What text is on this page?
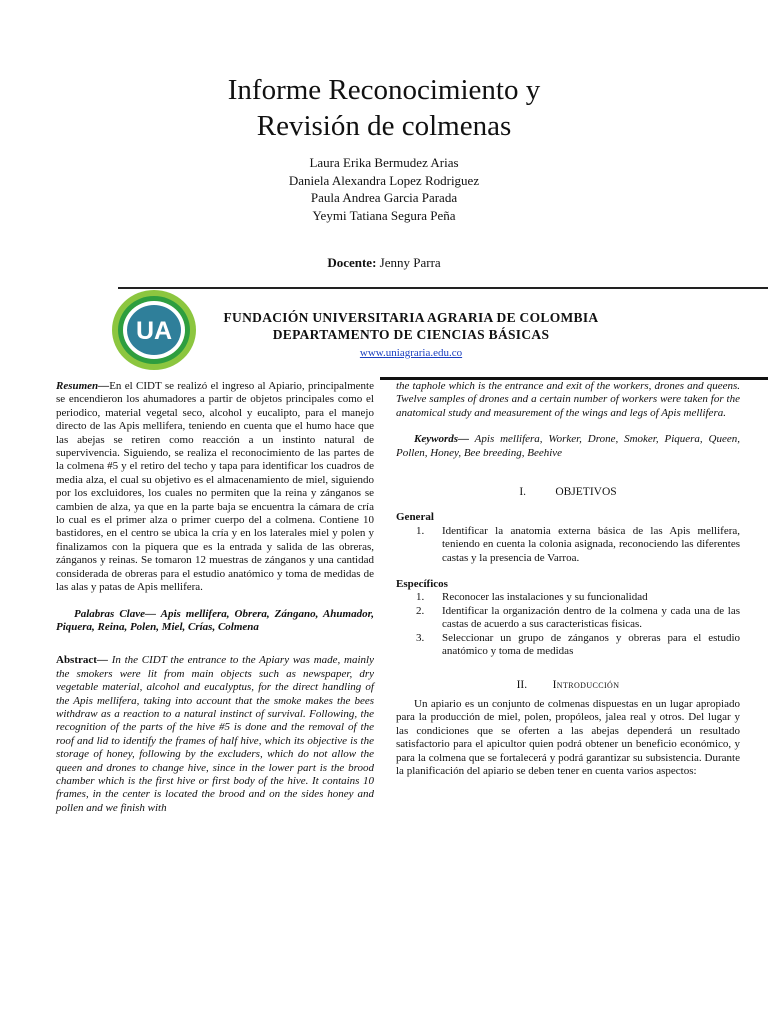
Informe Reconocimiento y
Revisión de colmenas
Laura Erika Bermudez Arias
Daniela Alexandra Lopez Rodriguez
Paula Andrea Garcia Parada
Yeymi Tatiana Segura Peña
Docente: Jenny Parra
UA	FUNDACIÓN UNIVERSITARIA AGRARIA DE COLOMBIA
DEPARTAMENTO DE CIENCIAS BÁSICAS
www.uniagraria.edu.co

Resumen—En el CIDT se realizó el ingreso al Apiario, principalmente se encendieron los ahumadores a partir de objetos principales como el periodico, material vegetal seco, alcohol y eucalipto, para el manejo directo de las Apis mellifera, teniendo en cuenta que el humo hace que las abejas se retiren como reacción a un instinto natural de supervivencia. Siguiendo, se realiza el reconocimiento de las partes de la colmena #5 y el retiro del techo y tapa para identificar los cuadros de media alza, el cual su objetivo es el almacenamiento de miel, siguiendo por los excluidores, los cuales no permiten que la reina y zánganos se cambien de alza, ya que en la parte baja se encuentra la cámara de cría lo cual es el primer alza o primer cuerpo del a colmena. Contiene 10 bastidores, en el centro se ubica la cría y en los laterales miel y polen y finalizamos con la piquera que es la entrada y salida de las obreras, zánganos y reinas. Se tomaron 12 muestras de zánganos y una cantidad considerada de obreras para el estudio anatómico y toma de medidas de las alas y patas de Apis mellifera.

Palabras Clave— Apis mellifera, Obrera, Zángano, Ahumador, Piquera, Reina, Polen, Miel, Crías, Colmena

Abstract— In the CIDT the entrance to the Apiary was made, mainly the smokers were lit from main objects such as newspaper, dry vegetable material, alcohol and eucalyptus, for the direct handling of the Apis mellifera, taking into account that the smoke makes the bees withdraw as a reaction to a natural instinct of survival. Following, the recognition of the parts of the hive #5 is done and the removal of the roof and lid to identify the frames of half hive, which its objective is the storage of honey, following by the excluders, which do not allow the queen and drones to change hive, since in the lower part is the brood chamber which is the first hive or first body of the hive. It contains 10 frames, in the center is located the brood and on the sides honey and pollen and we finish with

the taphole which is the entrance and exit of the workers, drones and queens. Twelve samples of drones and a certain number of workers were taken for the anatomical study and measurement of the wings and legs of Apis mellifera.

Keywords— Apis mellifera, Worker, Drone, Smoker, Piquera, Queen, Pollen, Honey, Bee breeding, Beehive

I.	OBJETIVOS

General

1. Identificar la anatomia externa básica de las Apis mellifera, teniendo en cuenta la colonia asignada, reconociendo las diferentes castas y la presencia de Varroa.

Específicos

1. Reconocer las instalaciones y su funcionalidad
2. Identificar la organización dentro de la colmena y cada una de las castas de acuerdo a sus caracteristicas fisicas.
3. Seleccionar un grupo de zánganos y obreras para el estudio anatómico y toma de medidas

II. Introducción

Un apiario es un conjunto de colmenas dispuestas en un lugar apropiado para la producción de miel, polen, propóleos, jalea real y otros. Del lugar y las condiciones que se oferten a las abejas dependerá un resultado satisfactorio para el apicultor quien podrá obtener un beneficio económico, y para la colmena que se fortalecerá y podrá garantizar su subsistencia. Durante la planificación del apiario se deben tener en cuenta varios aspectos:
